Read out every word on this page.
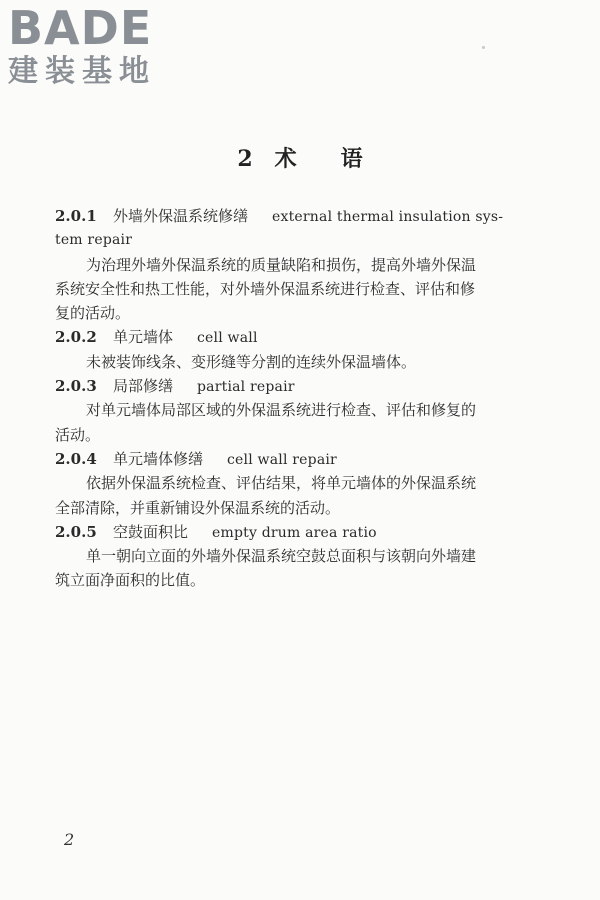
BADE
建装基地
2 术 语
2.0.1 外墙外保温系统修缮 external thermal insulation sys-
tem repair
为治理外墙外保温系统的质量缺陷和损伤，提高外墙外保温
系统安全性和热工性能，对外墙外保温系统进行检查、评估和修
复的活动。
2.0.2 单元墙体 cell wall
未被装饰线条、变形缝等分割的连续外保温墙体。
2.0.3 局部修缮 partial repair
对单元墙体局部区域的外保温系统进行检查、评估和修复的
活动。
2.0.4 单元墙体修缮 cell wall repair
依据外保温系统检查、评估结果，将单元墙体的外保温系统
全部清除，并重新铺设外保温系统的活动。
2.0.5 空鼓面积比 empty drum area ratio
单一朝向立面的外墙外保温系统空鼓总面积与该朝向外墙建
筑立面净面积的比值。
2
